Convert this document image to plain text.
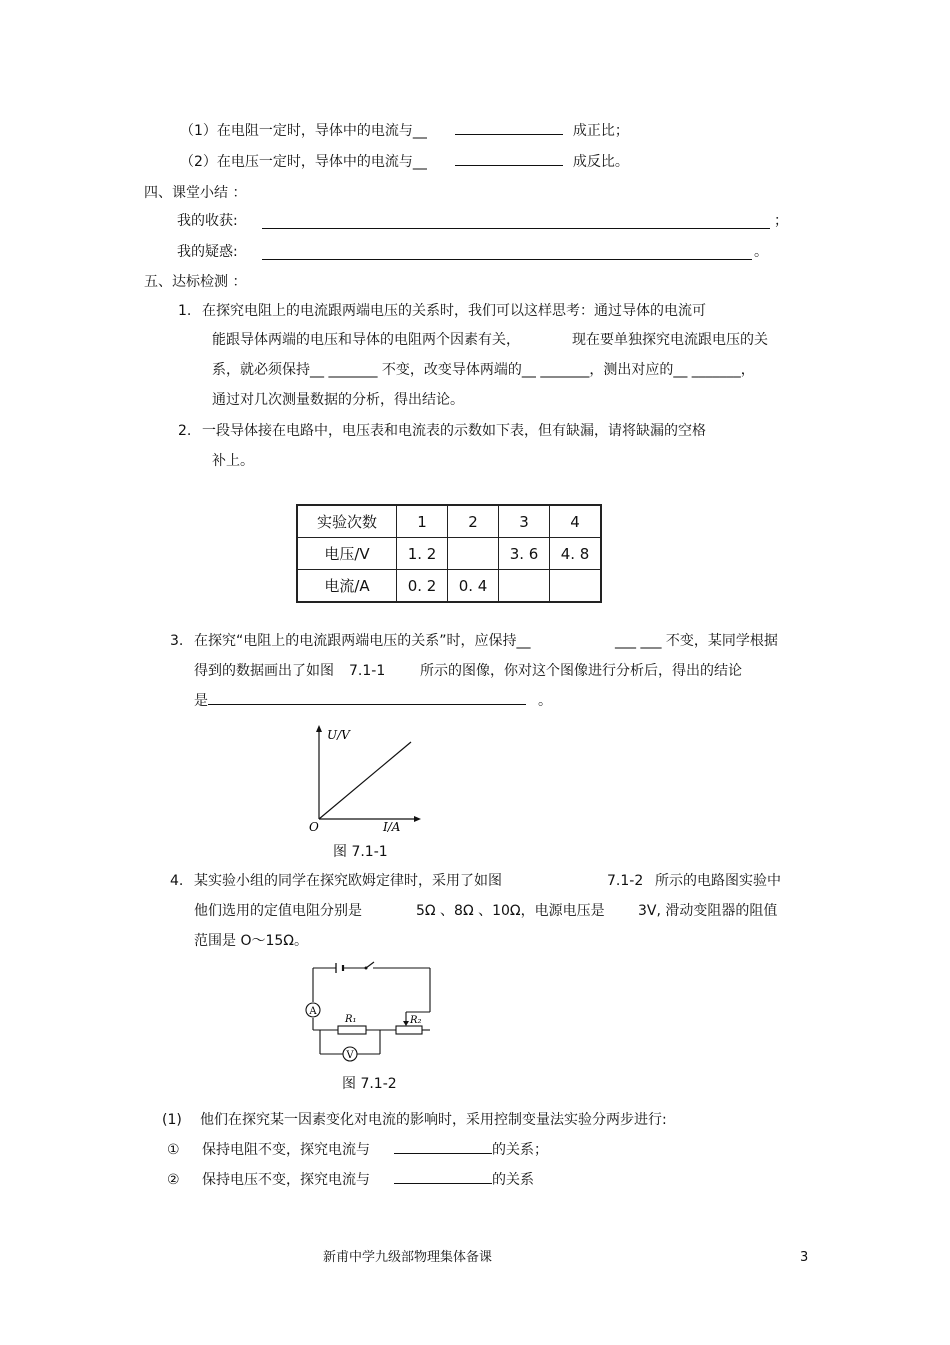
（1）在电阻一定时，导体中的电流与__	成正比；
（2）在电压一定时，导体中的电流与__	成反比。
四、课堂小结 ：
我的收获:	；
我的疑惑:	。
五、达标检测 ：
1. 在探究电阻上的电流跟两端电压的关系时，我们可以这样思考：通过导体的电流可
能跟导体两端的电压和导体的电阻两个因素有关，	现在要单独探究电流跟电压的关
系，就必须保持__ _______ 不变，改变导体两端的__ _______，测出对应的__ _______，
通过对几次测量数据的分析，得出结论。
2. 一段导体接在电路中，电压表和电流表的示数如下表，但有缺漏，请将缺漏的空格
补上。
实验次数	1	2	3	4
电压/V	1. 2		3. 6	4. 8
电流/A	0. 2	0. 4		
3. 在探究“电阻上的电流跟两端电压的关系”时，应保持__	___ ___ 不变，某同学根据
得到的数据画出了如图 7.1-1 所示的图像，你对这个图像进行分析后，得出的结论
是	。
U/V
O	I/A
图 7.1-1
4. 某实验小组的同学在探究欧姆定律时，采用了如图	7.1-2 所示的电路图实验中
他们选用的定值电阻分别是	5Ω 、8Ω 、10Ω，电源电压是 3V, 滑动变阻器的阻值
范围是 O～15Ω。
A
R₁	R₂
V
图 7.1-2
(1) 他们在探究某一因素变化对电流的影响时，采用控制变量法实验分两步进行:
① 保持电阻不变，探究电流与	的关系；
② 保持电压不变，探究电流与	的关系
新甫中学九级部物理集体备课	3
